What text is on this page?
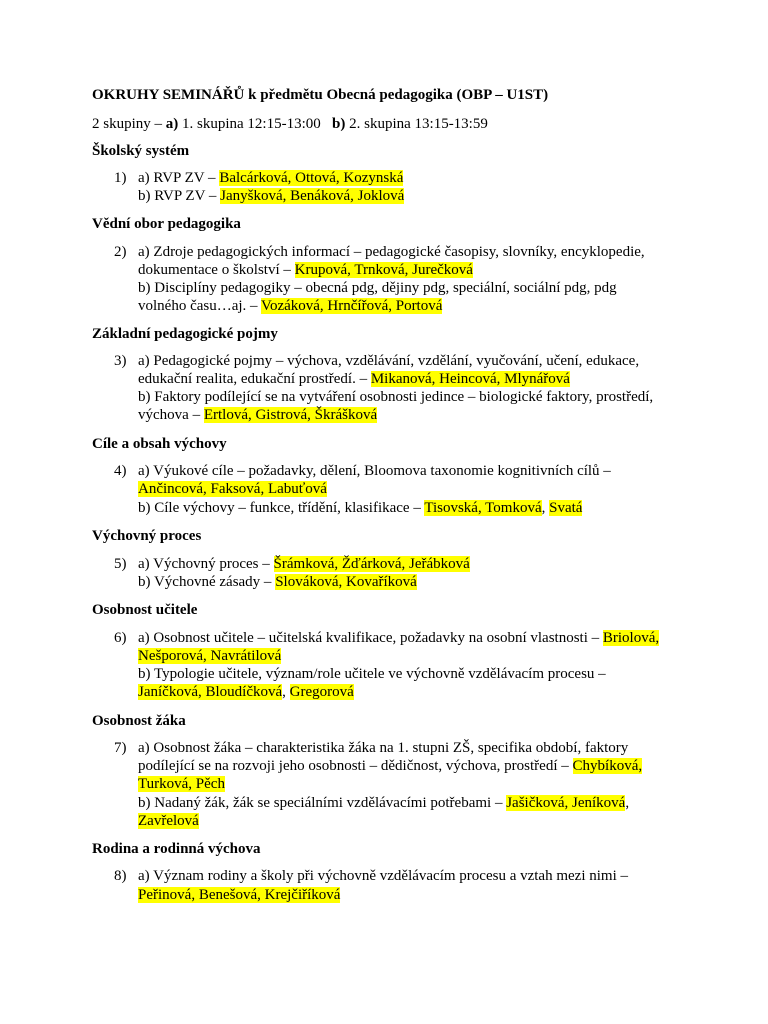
OKRUHY SEMINÁŘŮ k předmětu Obecná pedagogika (OBP – U1ST)
2 skupiny – a) 1. skupina 12:15-13:00   b) 2. skupina 13:15-13:59
Školský systém
1) a) RVP ZV – Balcárková, Ottová, Kozynská
b) RVP ZV – Janyšková, Benáková, Joklová
Vědní obor pedagogika
2) a) Zdroje pedagogických informací – pedagogické časopisy, slovníky, encyklopedie,
dokumentace o školství – Krupová, Trnková, Jurečková
b) Disciplíny pedagogiky – obecná pdg, dějiny pdg, speciální, sociální pdg, pdg
volného času…aj. – Vozáková, Hrnčířová, Portová
Základní pedagogické pojmy
3) a) Pedagogické pojmy – výchova, vzdělávání, vzdělání, vyučování, učení, edukace,
edukační realita, edukační prostředí. – Mikanová, Heincová, Mlynářová
b) Faktory podílející se na vytváření osobnosti jedince – biologické faktory, prostředí,
výchova – Ertlová, Gistrová, Škrášková
Cíle a obsah výchovy
4) a) Výukové cíle – požadavky, dělení, Bloomova taxonomie kognitivních cílů –
Ančincová, Faksová, Labuťová
b) Cíle výchovy – funkce, třídění, klasifikace – Tisovská, Tomková, Svatá
Výchovný proces
5) a) Výchovný proces – Šrámková, Žďárková, Jeřábková
b) Výchovné zásady – Slováková, Kovaříková
Osobnost učitele
6) a) Osobnost učitele – učitelská kvalifikace, požadavky na osobní vlastnosti – Briolová,
Nešporová, Navrátilová
b) Typologie učitele, význam/role učitele ve výchovně vzdělávacím procesu –
Janíčková, Bloudíčková, Gregorová
Osobnost žáka
7) a) Osobnost žáka – charakteristika žáka na 1. stupni ZŠ, specifika období, faktory
podílející se na rozvoji jeho osobnosti – dědičnost, výchova, prostředí – Chybíková,
Turková, Pěch
b) Nadaný žák, žák se speciálními vzdělávacími potřebami – Jašičková, Jeníková,
Zavřelová
Rodina a rodinná výchova
8) a) Význam rodiny a školy při výchovně vzdělávacím procesu a vztah mezi nimi –
Peřinová, Benešová, Krejčiříková
